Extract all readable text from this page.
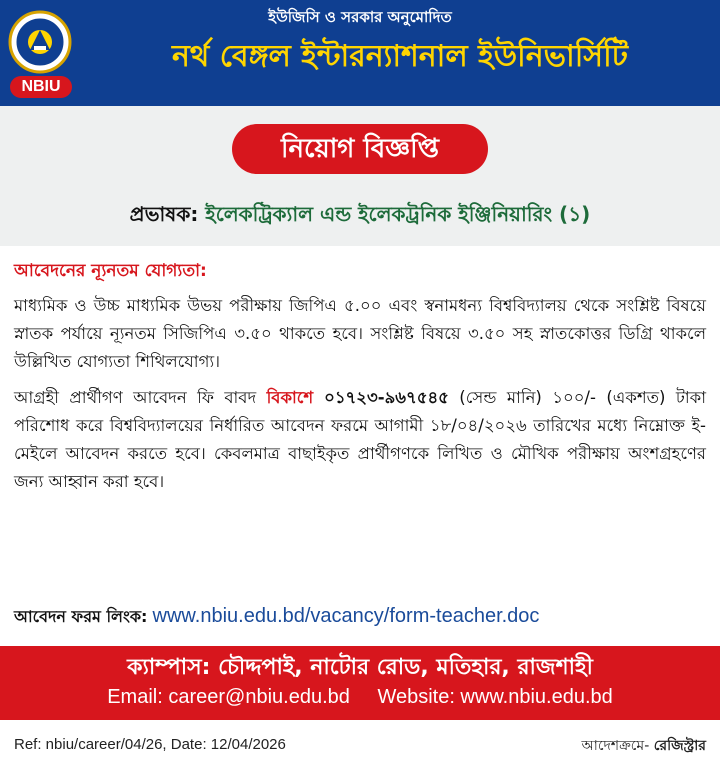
NBIU
ইউজিসি ও সরকার অনুমোদিত
নর্থ বেঙ্গল ইন্টারন্যাশনাল ইউনিভার্সিটি
নিয়োগ বিজ্ঞপ্তি
প্রভাষক: ইলেকট্রিক্যাল এন্ড ইলেকট্রনিক ইঞ্জিনিয়ারিং (১)
আবেদনের ন্যূনতম যোগ্যতা:

মাধ্যমিক ও উচ্চ মাধ্যমিক উভয় পরীক্ষায় জিপিএ ৫.০০ এবং স্বনামধন্য বিশ্ববিদ্যালয় থেকে সংশ্লিষ্ট বিষয়ে স্নাতক পর্যায়ে ন্যূনতম সিজিপিএ ৩.৫০ থাকতে হবে। সংশ্লিষ্ট বিষয়ে ৩.৫০ সহ স্নাতকোত্তর ডিগ্রি থাকলে উল্লিখিত যোগ্যতা শিথিলযোগ্য।

আগ্রহী প্রার্থীগণ আবেদন ফি বাবদ বিকাশে ০১৭২৩-৯৬৭৫৪৫ (সেন্ড মানি) ১০০/- (একশত) টাকা পরিশোধ করে বিশ্ববিদ্যালয়ের নির্ধারিত আবেদন ফরমে আগামী ১৮/০৪/২০২৬ তারিখের মধ্যে নিম্নোক্ত ই-মেইলে আবেদন করতে হবে। কেবলমাত্র বাছাইকৃত প্রার্থীগণকে লিখিত ও মৌখিক পরীক্ষায় অংশগ্রহণের জন্য আহ্বান করা হবে।

আবেদন ফরম লিংক: www.nbiu.edu.bd/vacancy/form-teacher.doc
ক্যাম্পাস: চৌদ্দপাই, নাটোর রোড, মতিহার, রাজশাহী
Email: career@nbiu.edu.bd Website: www.nbiu.edu.bd
Ref: nbiu/career/04/26, Date: 12/04/2026	আদেশক্রমে- রেজিস্ট্রার
